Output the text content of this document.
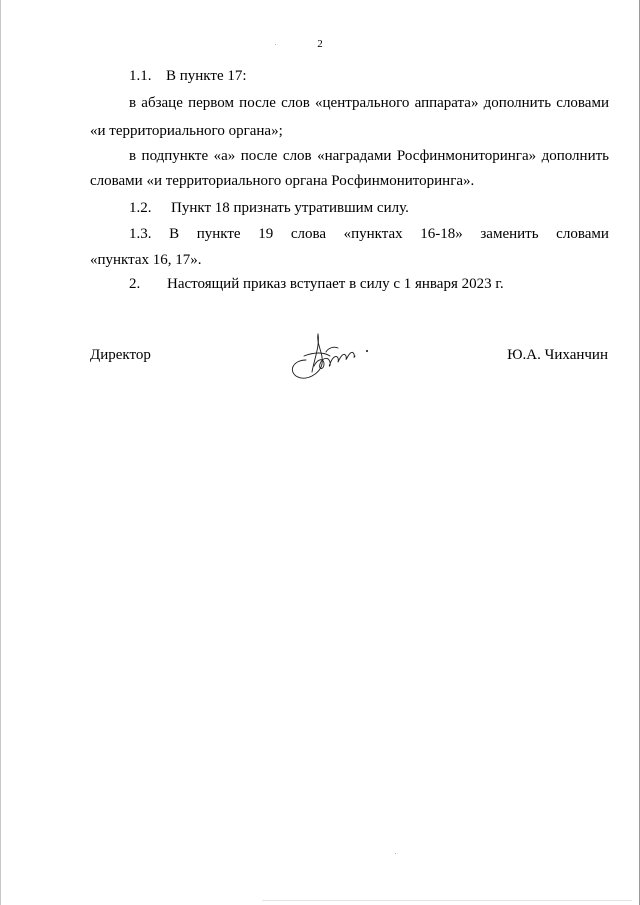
2
1.1. В пункте 17:
в абзаце первом после слов «центрального аппарата» дополнить словами
«и территориального органа»;
в подпункте «а» после слов «наградами Росфинмониторинга» дополнить
словами «и территориального органа Росфинмониторинга».
1.2. Пункт 18 признать утратившим силу.
1.3. В пункте 19 слова «пунктах 16-18» заменить словами
«пунктах 16, 17».
2. Настоящий приказ вступает в силу с 1 января 2023 г.
Директор	Ю.А. Чиханчин
